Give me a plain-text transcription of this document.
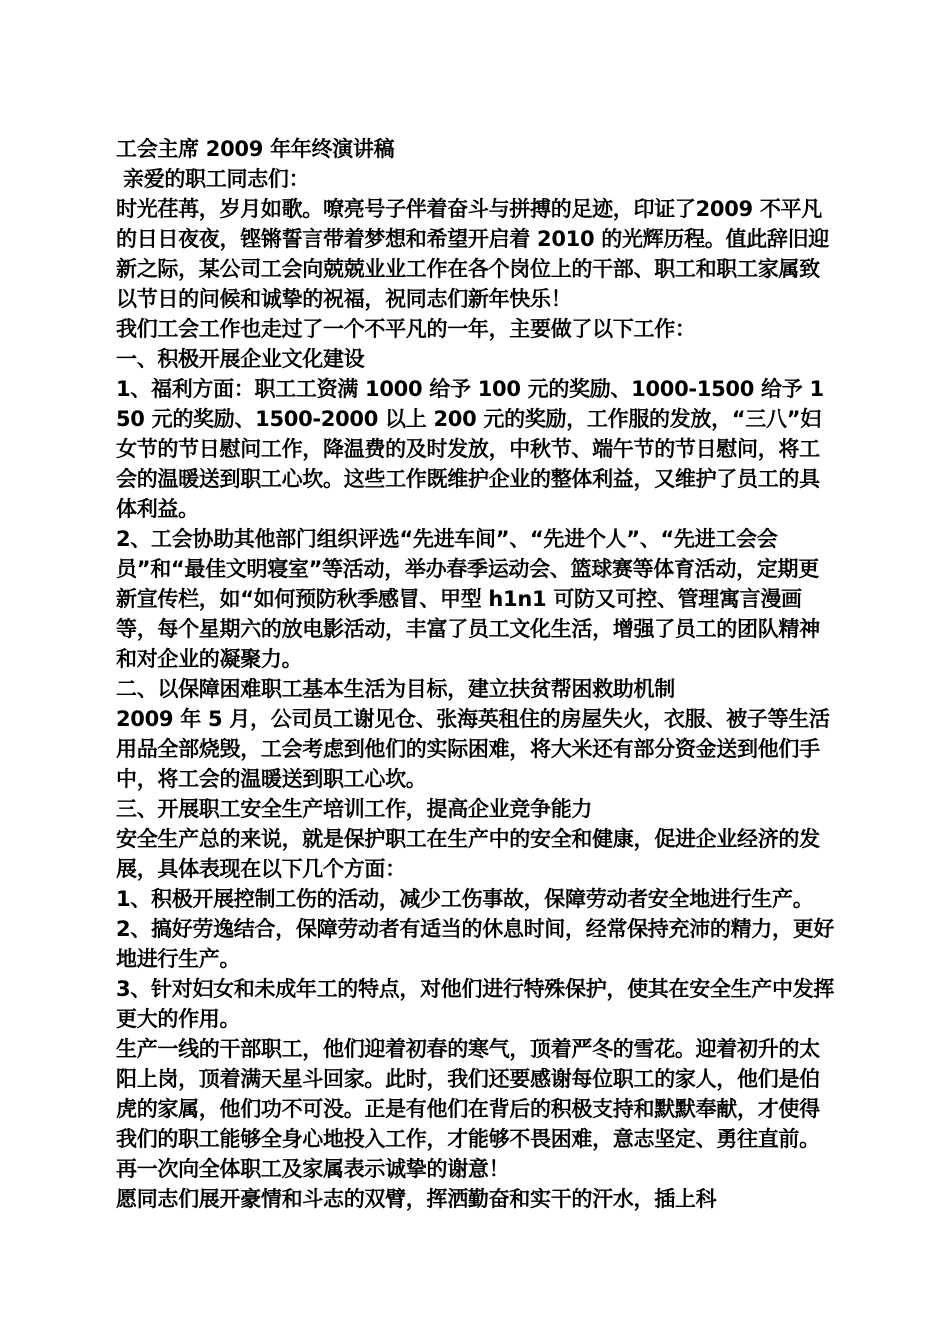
工会主席 2009 年年终演讲稿

亲爱的职工同志们：

时光荏苒，岁月如歌。嘹亮号子伴着奋斗与拼搏的足迹，印证了2009 不平凡的日日夜夜，铿锵誓言带着梦想和希望开启着 2010 的光辉历程。值此辞旧迎新之际，某公司工会向兢兢业业工作在各个岗位上的干部、职工和职工家属致以节日的问候和诚挚的祝福，祝同志们新年快乐！

我们工会工作也走过了一个不平凡的一年，主要做了以下工作：

一、积极开展企业文化建设

1、福利方面：职工工资满 1000 给予 100 元的奖励、1000-1500 给予 150 元的奖励、1500-2000 以上 200 元的奖励，工作服的发放，“三八”妇女节的节日慰问工作，降温费的及时发放，中秋节、端午节的节日慰问，将工会的温暖送到职工心坎。这些工作既维护企业的整体利益，又维护了员工的具体利益。

2、工会协助其他部门组织评选“先进车间”、“先进个人”、“先进工会会员”和“最佳文明寝室”等活动，举办春季运动会、篮球赛等体育活动，定期更新宣传栏，如“如何预防秋季感冒、甲型 h1n1 可防又可控、管理寓言漫画等，每个星期六的放电影活动，丰富了员工文化生活，增强了员工的团队精神和对企业的凝聚力。

二、以保障困难职工基本生活为目标，建立扶贫帮困救助机制

2009 年 5 月，公司员工谢见仓、张海英租住的房屋失火，衣服、被子等生活用品全部烧毁，工会考虑到他们的实际困难，将大米还有部分资金送到他们手中，将工会的温暖送到职工心坎。

三、开展职工安全生产培训工作，提高企业竞争能力

安全生产总的来说，就是保护职工在生产中的安全和健康，促进企业经济的发展，具体表现在以下几个方面：

1、积极开展控制工伤的活动，减少工伤事故，保障劳动者安全地进行生产。

2、搞好劳逸结合，保障劳动者有适当的休息时间，经常保持充沛的精力，更好地进行生产。

3、针对妇女和未成年工的特点，对他们进行特殊保护，使其在安全生产中发挥更大的作用。

生产一线的干部职工，他们迎着初春的寒气，顶着严冬的雪花。迎着初升的太阳上岗，顶着满天星斗回家。此时，我们还要感谢每位职工的家人，他们是伯虎的家属，他们功不可没。正是有他们在背后的积极支持和默默奉献，才使得我们的职工能够全身心地投入工作，才能够不畏困难，意志坚定、勇往直前。再一次向全体职工及家属表示诚挚的谢意！

愿同志们展开豪情和斗志的双臂，挥洒勤奋和实干的汗水，插上科
